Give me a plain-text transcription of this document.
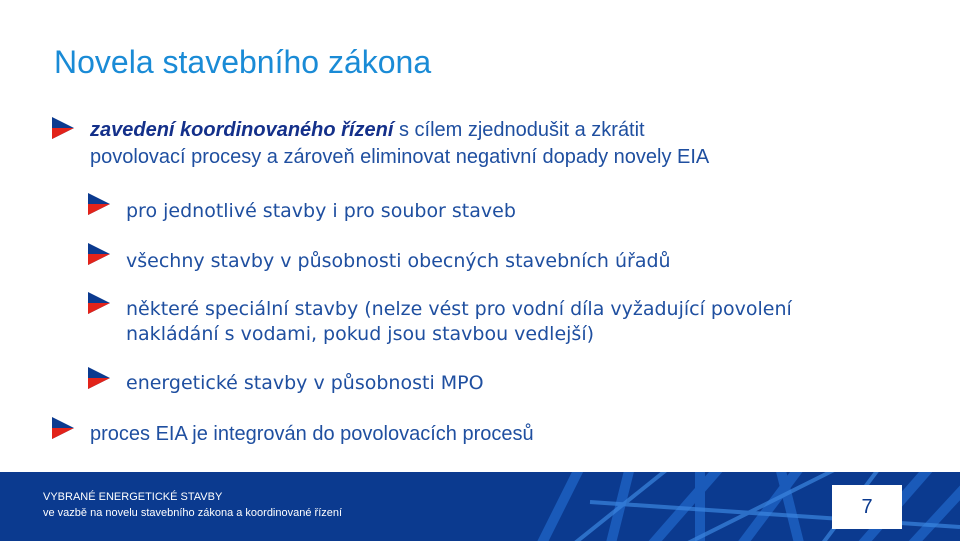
Novela stavebního zákona
zavedení koordinovaného řízení s cílem zjednodušit a zkrátit
povolovací procesy a zároveň eliminovat negativní dopady novely EIA
pro jednotlivé stavby i pro soubor staveb
všechny stavby v působnosti obecných stavebních úřadů
některé speciální stavby (nelze vést pro vodní díla vyžadující povolení
nakládání s vodami, pokud jsou stavbou vedlejší)
energetické stavby v působnosti MPO
proces EIA je integrován do povolovacích procesů
VYBRANÉ ENERGETICKÉ STAVBY
ve vazbě na novelu stavebního zákona a koordinované řízení	7
